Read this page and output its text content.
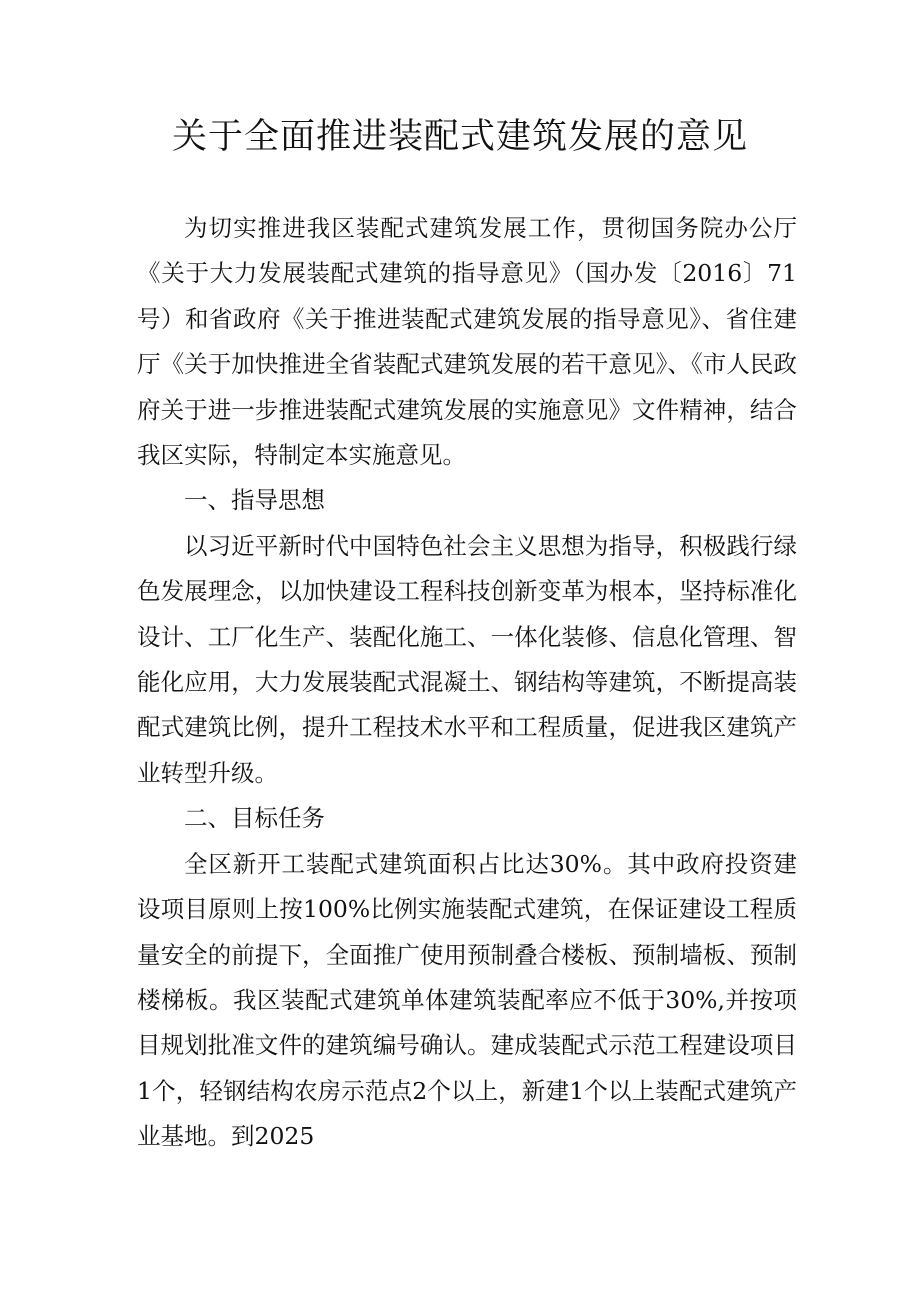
关于全面推进装配式建筑发展的意见

为切实推进我区装配式建筑发展工作，贯彻国务院办公厅《关于大力发展装配式建筑的指导意见》（国办发〔2016〕71号）和省政府《关于推进装配式建筑发展的指导意见》、省住建厅《关于加快推进全省装配式建筑发展的若干意见》、《市人民政府关于进一步推进装配式建筑发展的实施意见》文件精神，结合我区实际，特制定本实施意见。

一、指导思想

以习近平新时代中国特色社会主义思想为指导，积极践行绿色发展理念，以加快建设工程科技创新变革为根本，坚持标准化设计、工厂化生产、装配化施工、一体化装修、信息化管理、智能化应用，大力发展装配式混凝土、钢结构等建筑，不断提高装配式建筑比例，提升工程技术水平和工程质量，促进我区建筑产业转型升级。

二、目标任务

全区新开工装配式建筑面积占比达30%。其中政府投资建设项目原则上按100%比例实施装配式建筑，在保证建设工程质量安全的前提下，全面推广使用预制叠合楼板、预制墙板、预制楼梯板。我区装配式建筑单体建筑装配率应不低于30%,并按项目规划批准文件的建筑编号确认。建成装配式示范工程建设项目1个，轻钢结构农房示范点2个以上，新建1个以上装配式建筑产业基地。到2025
